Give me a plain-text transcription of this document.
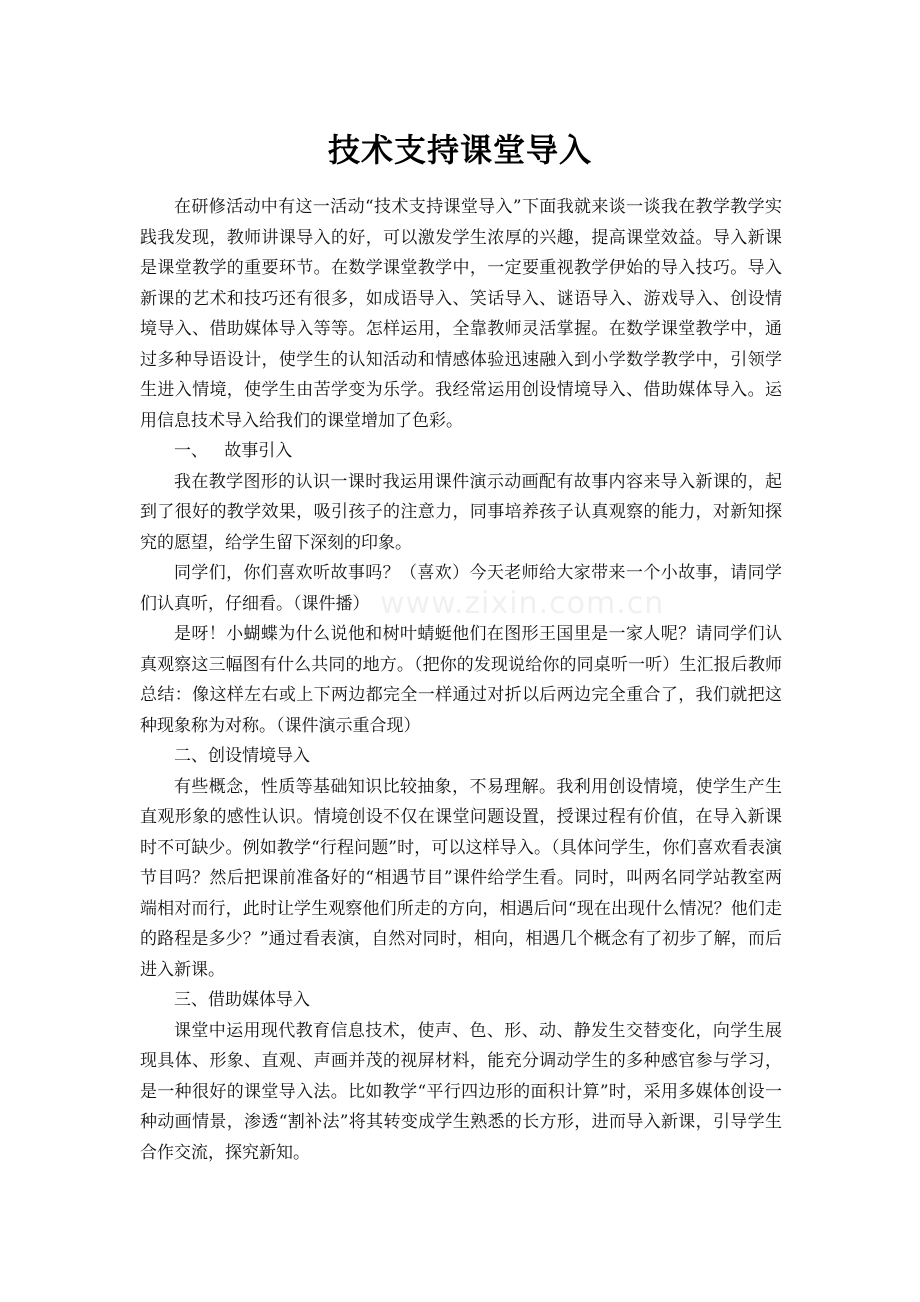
技术支持课堂导入

在研修活动中有这一活动“技术支持课堂导入”下面我就来谈一谈我在教学教学实践我发现，教师讲课导入的好，可以激发学生浓厚的兴趣，提高课堂效益。导入新课是课堂教学的重要环节。在数学课堂教学中，一定要重视教学伊始的导入技巧。导入新课的艺术和技巧还有很多，如成语导入、笑话导入、谜语导入、游戏导入、创设情境导入、借助媒体导入等等。怎样运用，全靠教师灵活掌握。在数学课堂教学中，通过多种导语设计，使学生的认知活动和情感体验迅速融入到小学数学教学中，引领学生进入情境，使学生由苦学变为乐学。我经常运用创设情境导入、借助媒体导入。运用信息技术导入给我们的课堂增加了色彩。

一、   故事引入

我在教学图形的认识一课时我运用课件演示动画配有故事内容来导入新课的，起到了很好的教学效果，吸引孩子的注意力，同事培养孩子认真观察的能力，对新知探究的愿望，给学生留下深刻的印象。

同学们，你们喜欢听故事吗？（喜欢）今天老师给大家带来一个小故事，请同学们认真听，仔细看。（课件播）

是呀！小蝴蝶为什么说他和树叶蜻蜓他们在图形王国里是一家人呢？请同学们认真观察这三幅图有什么共同的地方。（把你的发现说给你的同桌听一听）生汇报后教师总结：像这样左右或上下两边都完全一样通过对折以后两边完全重合了，我们就把这种现象称为对称。（课件演示重合现）

二、创设情境导入

有些概念，性质等基础知识比较抽象，不易理解。我利用创设情境，使学生产生直观形象的感性认识。情境创设不仅在课堂问题设置，授课过程有价值，在导入新课时不可缺少。例如教学“行程问题”时，可以这样导入。（具体问学生，你们喜欢看表演节目吗？然后把课前准备好的“相遇节目”课件给学生看。同时，叫两名同学站教室两端相对而行，此时让学生观察他们所走的方向，相遇后问“现在出现什么情况？他们走的路程是多少？”通过看表演，自然对同时，相向，相遇几个概念有了初步了解，而后进入新课。

三、借助媒体导入

课堂中运用现代教育信息技术，使声、色、形、动、静发生交替变化，向学生展现具体、形象、直观、声画并茂的视屏材料，能充分调动学生的多种感官参与学习，是一种很好的课堂导入法。比如教学“平行四边形的面积计算”时，采用多媒体创设一种动画情景，渗透“割补法”将其转变成学生熟悉的长方形，进而导入新课，引导学生合作交流，探究新知。

www.zixin.com.cn
